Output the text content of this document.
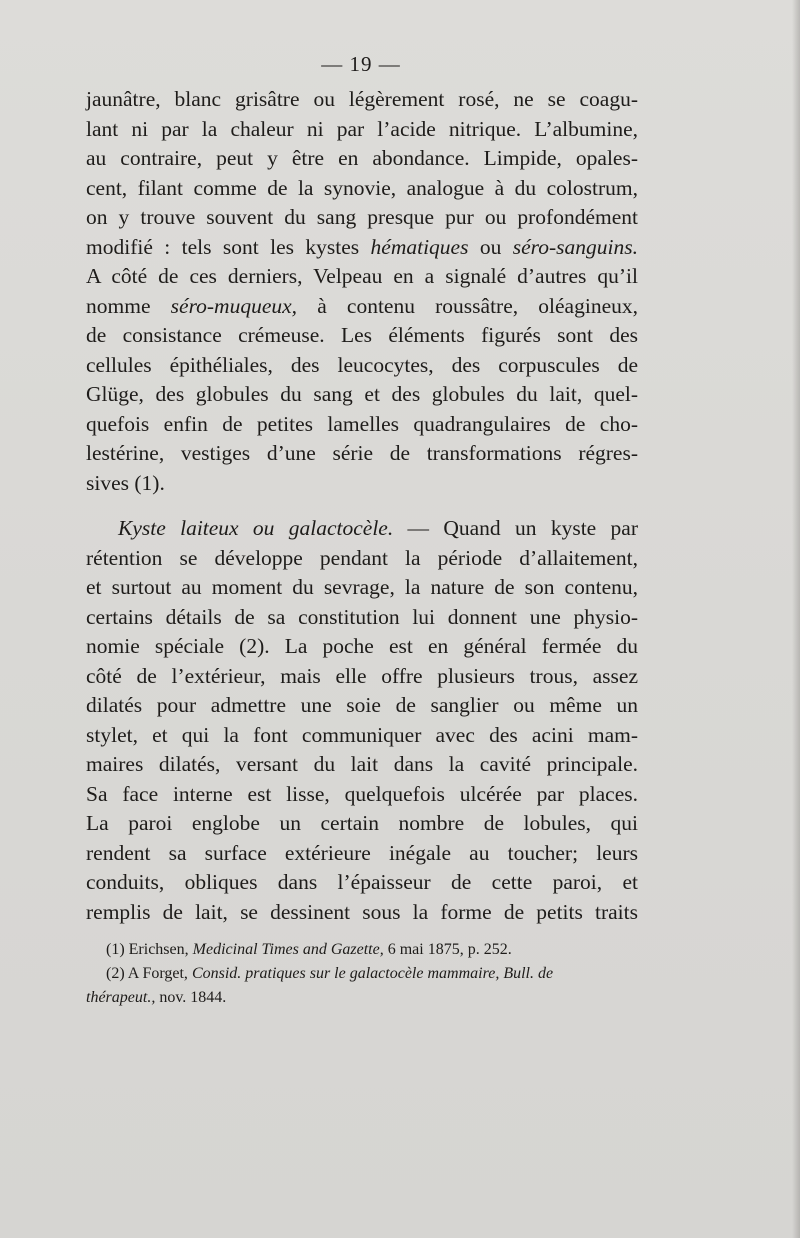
— 19 —
jaunâtre, blanc grisâtre ou légèrement rosé, ne se coagu-
lant ni par la chaleur ni par l’acide nitrique. L’albumine,
au contraire, peut y être en abondance. Limpide, opales-
cent, filant comme de la synovie, analogue à du colostrum,
on y trouve souvent du sang presque pur ou profondément
modifié : tels sont les kystes hématiques ou séro-sanguins.
A côté de ces derniers, Velpeau en a signalé d’autres qu’il
nomme séro-muqueux, à contenu roussâtre, oléagineux,
de consistance crémeuse. Les éléments figurés sont des
cellules épithéliales, des leucocytes, des corpuscules de
Glüge, des globules du sang et des globules du lait, quel-
quefois enfin de petites lamelles quadrangulaires de cho-
lestérine, vestiges d’une série de transformations régres-
sives (1).
Kyste laiteux ou galactocèle. — Quand un kyste par
rétention se développe pendant la période d’allaitement,
et surtout au moment du sevrage, la nature de son contenu,
certains détails de sa constitution lui donnent une physio-
nomie spéciale (2). La poche est en général fermée du
côté de l’extérieur, mais elle offre plusieurs trous, assez
dilatés pour admettre une soie de sanglier ou même un
stylet, et qui la font communiquer avec des acini mam-
maires dilatés, versant du lait dans la cavité principale.
Sa face interne est lisse, quelquefois ulcérée par places.
La paroi englobe un certain nombre de lobules, qui
rendent sa surface extérieure inégale au toucher; leurs
conduits, obliques dans l’épaisseur de cette paroi, et
remplis de lait, se dessinent sous la forme de petits traits
(1) Erichsen, Medicinal Times and Gazette, 6 mai 1875, p. 252.
(2) A Forget, Consid. pratiques sur le galactocèle mammaire, Bull. de
thérapeut., nov. 1844.
